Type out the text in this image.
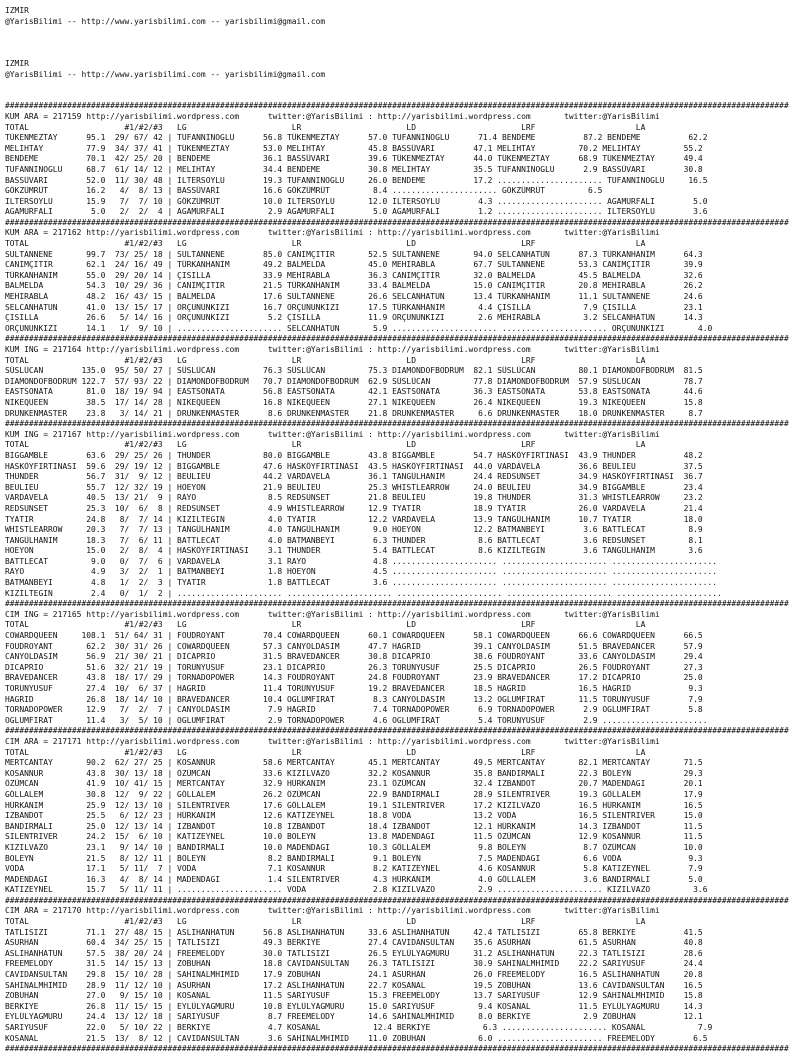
IZMIR
@YarisBilimi -- http://www.yarisbilimi.com -- yarisbilimi@gmail.com
IZMIR
@YarisBilimi -- http://www.yarisbilimi.com -- yarisbilimi@gmail.com
####################################################################################################################################################################
KUM ARA = 217159 http://yarisbilimi.wordpress.com      twitter:@YarisBilimi : http://yarisbilimi.wordpress.com       twitter:@YarisBilimi
TOTAL                    #1/#2/#3   LG                      LR                      LD                      LRF                     LA
TÜKENMEZTAY      95.1  29/ 67/ 42 | TUFANNINOGLU      56.8 TÜKENMEZTAY      57.0 TUFANNINOGLU      71.4 BENDEME          87.2 BENDEME          62.2
MELIHTAY         77.9  34/ 37/ 41 | TÜKENMEZTAY       53.0 MELIHTAY         45.8 BASSÜVARI        47.1 MELIHTAY         70.2 MELIHTAY         55.2
BENDEME          70.1  42/ 25/ 20 | BENDEME           36.1 BASSÜVARI        39.6 TÜKENMEZTAY      44.0 TÜKENMEZTAY      68.9 TÜKENMEZTAY      49.4
TUFANNINOGLU     68.7  61/ 14/ 12 | MELIHTAY          34.4 BENDEME          30.8 MELIHTAY         35.5 TUFANNINOGLU      2.9 BASSÜVARI        30.8
BASSÜVARI        52.0  11/ 30/ 48 | ILTERSOYLU        19.3 TUFANNINOGLU     26.0 BENDEME          17.2 ...................... TUFANNINOGLU     16.5
GÖKZÜMRÜT        16.2   4/  8/ 13 | BASSÜVARI         16.6 GÖKZÜMRÜT         8.4 ...................... GÖKZÜMRÜT         6.5
ILTERSOYLU       15.9   7/  7/ 10 | GÖKZÜMRÜT         10.0 ILTERSOYLU       12.0 ILTERSOYLU        4.3 ...................... AGAMURFALI        5.0
AGAMURFALI        5.0   2/  2/  4 | AGAMURFALI         2.9 AGAMURFALI        5.0 AGAMURFALI        1.2 ...................... ILTERSOYLU        3.6
####################################################################################################################################################################
KUM ARA = 217162 http://yarisbilimi.wordpress.com      twitter:@YarisBilimi : http://yarisbilimi.wordpress.com       twitter:@YarisBilimi
TOTAL                    #1/#2/#3   LG                      LR                      LD                      LRF                     LA
SULTANNENE       99.7  73/ 25/ 18 | SULTANNENE        85.0 CANIMÇITIR       52.5 SULTANNENE       94.0 SELCANHATUN      87.3 TÜRKANHANIM      64.3
CANIMÇITIR       62.1  24/ 16/ 49 | TÜRKANHANIM       49.2 BALMELDA         45.0 MEHIRABLA        67.7 SULTANNENE       53.3 CANIMÇITIR       39.9
TÜRKANHANIM      55.0  29/ 20/ 14 | ÇISILLA           33.9 MEHIRABLA        36.3 CANIMÇITIR       32.0 BALMELDA         45.5 BALMELDA         32.6
BALMELDA         54.3  10/ 29/ 36 | CANIMÇITIR        21.5 TÜRKANHANIM      33.4 BALMELDA         15.0 CANIMÇITIR       20.8 MEHIRABLA        26.2
MEHIRABLA        48.2  16/ 43/ 15 | BALMELDA          17.6 SULTANNENE       26.6 SELCANHATUN      13.4 TÜRKANHANIM      11.1 SULTANNENE       24.6
SELCANHATUN      41.0  13/ 15/ 17 | ORÇUNUNKIZI       16.7 ORÇUNUNKIZI      17.5 TÜRKANHANIM       4.4 ÇISILLA           7.9 ÇISILLA          23.1
ÇISILLA          26.6   5/ 14/ 16 | ORÇUNUNKIZI        5.2 ÇISILLA          11.9 ORÇUNUNKIZI       2.6 MEHIRABLA         3.2 SELCANHATUN      14.3
ORÇUNUNKIZI      14.1   1/  9/ 10 | ...................... SELCANHATUN       5.9 ...................... ...................... ORÇUNUNKIZI       4.0
####################################################################################################################################################################
KUM ING = 217164 http://yarisbilimi.wordpress.com      twitter:@YarisBilimi : http://yarisbilimi.wordpress.com       twitter:@YarisBilimi
TOTAL                    #1/#2/#3   LG                      LR                      LD                      LRF                     LA
SÜSLÜCAN        135.0  95/ 50/ 27 | SÜSLÜCAN          76.3 SÜSLÜCAN         75.3 DIAMONDOFBODRUM  82.1 SÜSLÜCAN         80.1 DIAMONDOFBODRUM  81.5
DIAMONDOFBODRUM 122.7  57/ 93/ 22 | DIAMONDOFBODRUM   70.7 DIAMONDOFBODRUM  62.9 SÜSLÜCAN         77.8 DIAMONDOFBODRUM  57.9 SÜSLÜCAN         78.7
EASTSONATA       81.0  18/ 19/ 94 | EASTSONATA        56.8 EASTSONATA       42.1 EASTSONATA       36.3 EASTSONATA       53.8 EASTSONATA       44.6
NIKEQUEEN        38.5  17/ 14/ 28 | NIKEQUEEN         16.8 NIKEQUEEN        27.1 NIKEQUEEN        26.4 NIKEQUEEN        19.3 NIKEQUEEN        15.8
DRUNKENMASTER    23.8   3/ 14/ 21 | DRUNKENMASTER      8.6 DRUNKENMASTER    21.8 DRUNKENMASTER     6.6 DRUNKENMASTER    18.0 DRUNKENMASTER     8.7
####################################################################################################################################################################
KUM ING = 217167 http://yarisbilimi.wordpress.com      twitter:@YarisBilimi : http://yarisbilimi.wordpress.com       twitter:@YarisBilimi
TOTAL                    #1/#2/#3   LG                      LR                      LD                      LRF                     LA
BIGGAMBLE        63.6  29/ 25/ 26 | THUNDER           80.0 BIGGAMBLE        43.8 BIGGAMBLE        54.7 HASKÖYFIRTINASI  43.9 THUNDER          48.2
HASKÖYFIRTINASI  59.6  29/ 19/ 12 | BIGGAMBLE         47.6 HASKÖYFIRTINASI  43.5 HASKÖYFIRTINASI  44.0 VARDAVELA        36.6 BEULIEU          37.5
THUNDER          56.7  31/  9/ 12 | BEULIEU           44.2 VARDAVELA        36.1 TANGÜLHANIM      24.4 REDSUNSET        34.9 HASKÖYFIRTINASI  36.7
BEULIEU          55.7  12/ 32/ 19 | HOEYON            21.9 BEULIEU          25.3 WHISTLEARROW     24.0 BEULIEU          34.9 BIGGAMBLE        23.4
VARDAVELA        40.5  13/ 21/  9 | RAYO               8.5 REDSUNSET        21.8 BEULIEU          19.8 THUNDER          31.3 WHISTLEARROW     23.2
REDSUNSET        25.3  10/  6/  8 | REDSUNSET          4.9 WHISTLEARROW     12.9 TYATIR           18.9 TYATIR           26.0 VARDAVELA        21.4
TYATIR           24.8   8/  7/ 14 | KIZILTEGIN         4.0 TYATIR           12.2 VARDAVELA        13.9 TANGÜLHANIM      10.7 TYATIR           18.0
WHISTLEARROW     20.3   7/  7/ 13 | TANGÜLHANIM        4.0 TANGÜLHANIM       9.0 HOEYON           12.2 BATMANBEYI        3.6 BATTLECAT         8.9
TANGÜLHANIM      18.3   7/  6/ 11 | BATTLECAT          4.0 BATMANBEYI        6.3 THUNDER           8.6 BATTLECAT         3.6 REDSUNSET         8.1
HOEYON           15.0   2/  8/  4 | HASKÖYFIRTINASI    3.1 THUNDER           5.4 BATTLECAT         8.6 KIZILTEGIN        3.6 TANGÜLHANIM       3.6
BATTLECAT         9.0   0/  7/  6 | VARDAVELA          3.1 RAYO              4.8 ...................... ...................... ......................
RAYO              4.9   3/  2/  1 | BATMANBEYI         1.8 HOEYON            4.5 ...................... ...................... ......................
BATMANBEYI        4.8   1/  2/  3 | TYATIR             1.8 BATTLECAT         3.6 ...................... ...................... ......................
KIZILTEGIN        2.4   0/  1/  2 | ...................... ...................... ...................... ...................... ......................
####################################################################################################################################################################
CIM ING = 217165 http://yarisbilimi.wordpress.com      twitter:@YarisBilimi : http://yarisbilimi.wordpress.com       twitter:@YarisBilimi
TOTAL                    #1/#2/#3   LG                      LR                      LD                      LRF                     LA
COWARDQUEEN     108.1  51/ 64/ 31 | FOUDROYANT        70.4 COWARDQUEEN      60.1 COWARDQUEEN      58.1 COWARDQUEEN      66.6 COWARDQUEEN      66.5
FOUDROYANT       62.2  30/ 31/ 26 | COWARDQUEEN       57.3 CANYOLDASIM      47.7 HAGRID           39.1 CANYOLDASIM      51.5 BRAVEDANCER      57.9
CANYOLDASIM      56.9  21/ 30/ 21 | DICAPRIO          31.5 BRAVEDANCER      30.8 DICAPRIO         38.6 FOUDROYANT       33.6 CANYOLDASIM      29.4
DICAPRIO         51.6  32/ 21/ 19 | TORUNYUSUF        23.1 DICAPRIO         26.3 TORUNYUSUF       25.5 DICAPRIO         26.5 FOUDROYANT       27.3
BRAVEDANCER      43.8  18/ 17/ 29 | TORNADOPOWER      14.3 FOUDROYANT       24.8 FOUDROYANT       23.9 BRAVEDANCER      17.2 DICAPRIO         25.0
TORUNYUSUF       27.4  10/  6/ 37 | HAGRID            11.4 TORUNYUSUF       19.2 BRAVEDANCER      18.5 HAGRID           16.5 HAGRID            9.3
HAGRID           26.8  18/ 14/ 10 | BRAVEDANCER       10.4 OGLUMFIRAT        8.3 CANYOLDASIM      13.2 OGLUMFIRAT       11.5 TORUNYUSUF        7.9
TORNADOPOWER     12.9   7/  2/  7 | CANYOLDASIM        7.9 HAGRID            7.4 TORNADOPOWER      6.9 TORNADOPOWER      2.9 OGLUMFIRAT        5.8
OGLUMFIRAT       11.4   3/  5/ 10 | OGLUMFIRAT         2.9 TORNADOPOWER      4.6 OGLUMFIRAT        5.4 TORUNYUSUF        2.9 ......................
####################################################################################################################################################################
CIM ARA = 217171 http://yarisbilimi.wordpress.com      twitter:@YarisBilimi : http://yarisbilimi.wordpress.com       twitter:@YarisBilimi
TOTAL                    #1/#2/#3   LG                      LR                      LD                      LRF                     LA
MERTCANTAY       90.2  62/ 27/ 25 | KOSANNUR          58.6 MERTCANTAY       45.1 MERTCANTAY       49.5 MERTCANTAY       82.1 MERTCANTAY       71.5
KOSANNUR         43.8  30/ 13/ 18 | ÖZÜMCAN           33.6 KIZILVAZO        32.2 KOSANNUR         35.8 BANDIRMALI       22.3 BOLEYN           29.3
ÖZÜMCAN          41.9  10/ 41/ 15 | MERTCANTAY        32.9 HÜRKANIM         23.1 ÖZÜMCAN          32.4 IZBANDOT         20.7 MADENDAGI        20.1
GÖLLALEM         30.8  12/  9/ 22 | GÖLLALEM          26.2 ÖZÜMCAN          22.9 BANDIRMALI       28.9 SILENTRIVER      19.3 GÖLLALEM         17.9
HÜRKANIM         25.9  12/ 13/ 10 | SILENTRIVER       17.6 GÖLLALEM         19.1 SILENTRIVER      17.2 KIZILVAZO        16.5 HÜRKANIM         16.5
IZBANDOT         25.5   6/ 12/ 23 | HÜRKANIM          12.6 KATIZEYNEL       18.8 VODA             13.2 VODA             16.5 SILENTRIVER      15.0
BANDIRMALI       25.0  12/ 13/ 14 | IZBANDOT          10.8 IZBANDOT         18.4 IZBANDOT         12.1 HÜRKANIM         14.3 IZBANDOT         11.5
SILENTRIVER      24.2  15/  6/ 10 | KATIZEYNEL        10.0 BOLEYN           13.8 MADENDAGI        11.5 ÖZÜMCAN          12.9 KOSANNUR         11.5
KIZILVAZO        23.1   9/ 14/ 10 | BANDIRMALI        10.0 MADENDAGI        10.3 GÖLLALEM          9.8 BOLEYN            8.7 ÖZÜMCAN          10.0
BOLEYN           21.5   8/ 12/ 11 | BOLEYN             8.2 BANDIRMALI        9.1 BOLEYN            7.5 MADENDAGI         6.6 VODA              9.3
VODA             17.1   5/ 11/  7 | VODA               7.1 KOSANNUR          8.2 KATIZEYNEL        4.6 KOSANNUR          5.8 KATIZEYNEL        7.9
MADENDAGI        16.3   4/  8/ 14 | MADENDAGI          1.4 SILENTRIVER       4.3 HÜRKANIM          4.0 GÖLLALEM          3.6 BANDIRMALI        5.0
KATIZEYNEL       15.7   5/ 11/ 11 | ...................... VODA              2.8 KIZILVAZO         2.9 ...................... KIZILVAZO         3.6
####################################################################################################################################################################
CIM ARA = 217170 http://yarisbilimi.wordpress.com      twitter:@YarisBilimi : http://yarisbilimi.wordpress.com       twitter:@YarisBilimi
TOTAL                    #1/#2/#3   LG                      LR                      LD                      LRF                     LA
TATLISIZI        71.1  27/ 48/ 15 | ASLIHANHATUN      56.8 ASLIHANHATUN     33.6 ASLIHANHATUN     42.4 TATLISIZI        65.8 BERKIYE          41.5
ASURHAN          60.4  34/ 25/ 15 | TATLISIZI         49.3 BERKIYE          27.4 CAVIDANSULTAN    35.6 ASURHAN          61.5 ASURHAN          40.8
ASLIHANHATUN     57.5  38/ 20/ 24 | FREEMELODY        30.0 TATLISIZI        26.5 EYLÜLYAGMURU     31.2 ASLIHANHATUN     22.3 TATLISIZI        28.6
FREEMELODY       31.5  14/ 15/ 13 | ZOBUHAN           18.8 CAVIDANSULTAN    26.3 TATLISIZI        30.9 SAHINALMHIMID    22.2 SARIYUSUF        24.4
CAVIDANSULTAN    29.8  15/ 10/ 28 | SAHINALMHIMID     17.9 ZOBUHAN          24.1 ASURHAN          26.0 FREEMELODY       16.5 ASLIHANHATUN     20.8
SAHINALMHIMID    28.9  11/ 12/ 10 | ASURHAN           17.2 ASLIHANHATUN     22.7 KOSANAL          19.5 ZOBUHAN          13.6 CAVIDANSULTAN    16.5
ZOBUHAN          27.0   9/ 15/ 10 | KOSANAL           11.5 SARIYUSUF        15.3 FREEMELODY       13.7 SARIYUSUF        12.9 SAHINALMHIMID    15.8
BERKIYE          26.8  11/ 15/ 15 | EYLÜLYAGMURU      10.8 EYLÜLYAGMURU     15.0 SARIYUSUF         9.4 KOSANAL          11.5 EYLÜLYAGMURU     14.3
EYLÜLYAGMURU     24.4  13/ 12/ 18 | SARIYUSUF          8.7 FREEMELODY       14.6 SAHINALMHIMID     8.0 BERKIYE           2.9 ZOBUHAN          12.1
SARIYUSUF        22.0   5/ 10/ 22 | BERKIYE            4.7 KOSANAL           12.4 BERKIYE           6.3 ...................... KOSANAL           7.9
KOSANAL          21.5  13/  8/ 12 | CAVIDANSULTAN      3.6 SAHINALMHIMID    11.0 ZOBUHAN           6.0 ...................... FREEMELODY        6.5
####################################################################################################################################################################
